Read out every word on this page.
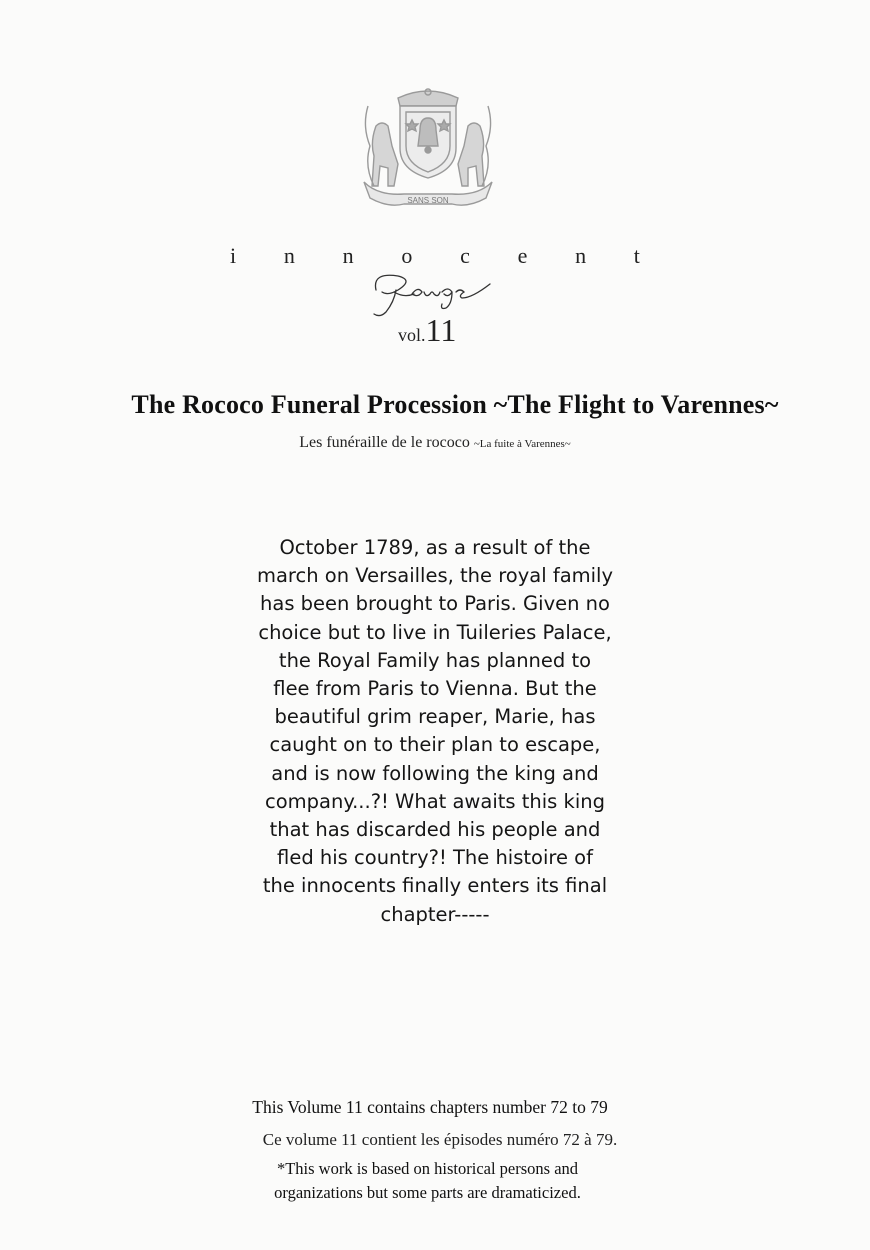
SANS SON
i n n o c e n t
vol.11
The Rococo Funeral Procession ~The Flight to Varennes~
Les funéraille de le rococo ~La fuite à Varennes~
October 1789, as a result of the
march on Versailles, the royal family
has been brought to Paris. Given no
choice but to live in Tuileries Palace,
the Royal Family has planned to
flee from Paris to Vienna. But the
beautiful grim reaper, Marie, has
caught on to their plan to escape,
and is now following the king and
company...?! What awaits this king
that has discarded his people and
fled his country?! The histoire of
the innocents finally enters its final
chapter-----
This Volume 11 contains chapters number 72 to 79
Ce volume 11 contient les épisodes numéro 72 à 79.
*This work is based on historical persons and
organizations but some parts are dramaticized.
